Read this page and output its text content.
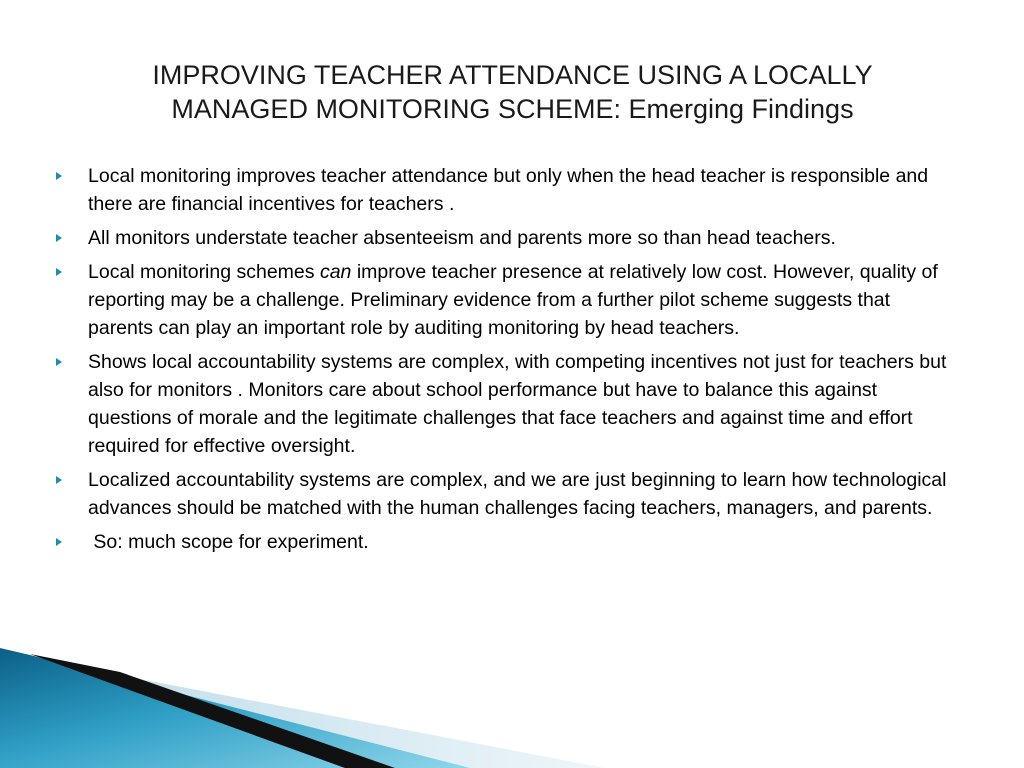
IMPROVING TEACHER ATTENDANCE USING A LOCALLY
MANAGED MONITORING SCHEME: Emerging Findings
Local monitoring improves teacher attendance but only when the head teacher is responsible and there are financial incentives for teachers .
All monitors understate teacher absenteeism and parents more so than head teachers.
Local monitoring schemes can improve teacher presence at relatively low cost. However, quality of reporting may be a challenge. Preliminary evidence from a further pilot scheme suggests that parents can play an important role by auditing monitoring by head teachers.
Shows local accountability systems are complex, with competing incentives not just for teachers but also for monitors . Monitors care about school performance but have to balance this against questions of morale and the legitimate challenges that face teachers and against time and effort required for effective oversight.
Localized accountability systems are complex, and we are just beginning to learn how technological advances should be matched with the human challenges facing teachers, managers, and parents.
So: much scope for experiment.
